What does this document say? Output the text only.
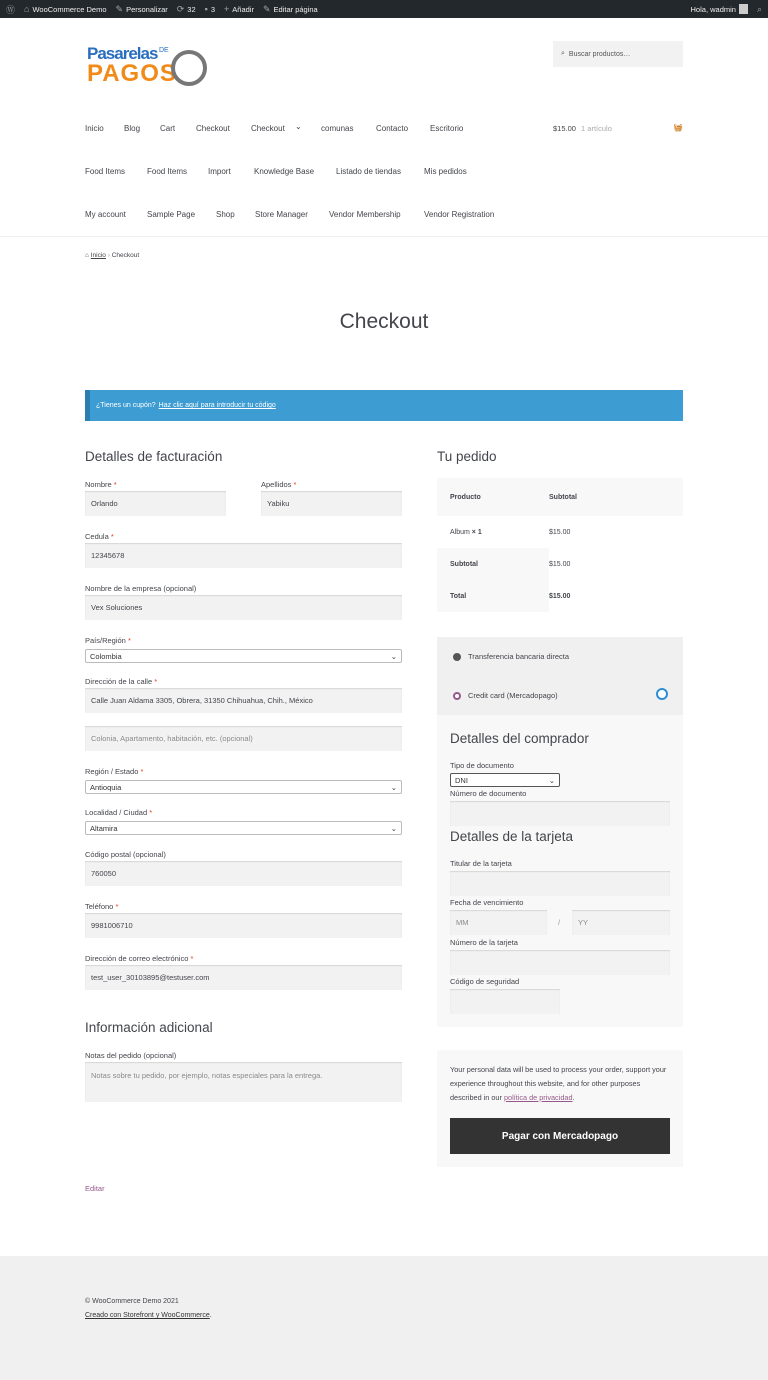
Ⓦ ⌂ WooCommerce Demo ✎ Personalizar ⟳ 32 ▪ 3 + Añadir ✎ Editar página	Hola, wadmin ⌕
Pasarelas DE
PAGOS
⌕ Buscar productos…
Inicio	Blog Cart	Checkout	Checkout ⌄ comunas	Contacto	Escritorio
Food Items	Food Items	Import	Knowledge Base	Listado de tiendas	Mis pedidos
My account	Sample Page	Shop	Store Manager	Vendor Membership	Vendor Registration
$15.00 1 artículo	🧺
⌂ Inicio › Checkout
Checkout
¿Tienes un cupón? Haz clic aquí para introducir tu código
Detalles de facturación
Nombre *
Orlando
Apellidos *
Yabiku
Cedula *
12345678
Nombre de la empresa (opcional)
Vex Soluciones
País/Región *
Colombia	⌄
Dirección de la calle *
Calle Juan Aldama 3305, Obrera, 31350 Chihuahua, Chih., México
Colonia, Apartamento, habitación, etc. (opcional)
Región / Estado *
Antioquia	⌄
Localidad / Ciudad *
Altamira	⌄
Código postal (opcional)
760050
Teléfono *
9981006710
Dirección de correo electrónico *
test_user_30103895@testuser.com
Información adicional
Notas del pedido (opcional)
Notas sobre tu pedido, por ejemplo, notas especiales para la entrega.
Tu pedido
Producto	Subtotal
Album × 1	$15.00
Subtotal	$15.00
Total	$15.00
Transferencia bancaria directa
Credit card (Mercadopago)
Detalles del comprador
Tipo de documento
DNI	⌄
Número de documento
Detalles de la tarjeta
Titular de la tarjeta
Fecha de vencimiento
MM	/	YY
Número de la tarjeta
Código de seguridad
Your personal data will be used to process your order, support your experience throughout this website, and for other purposes described in our política de privacidad.
Pagar con Mercadopago
Editar
© WooCommerce Demo 2021
Creado con Storefront y WooCommerce.
